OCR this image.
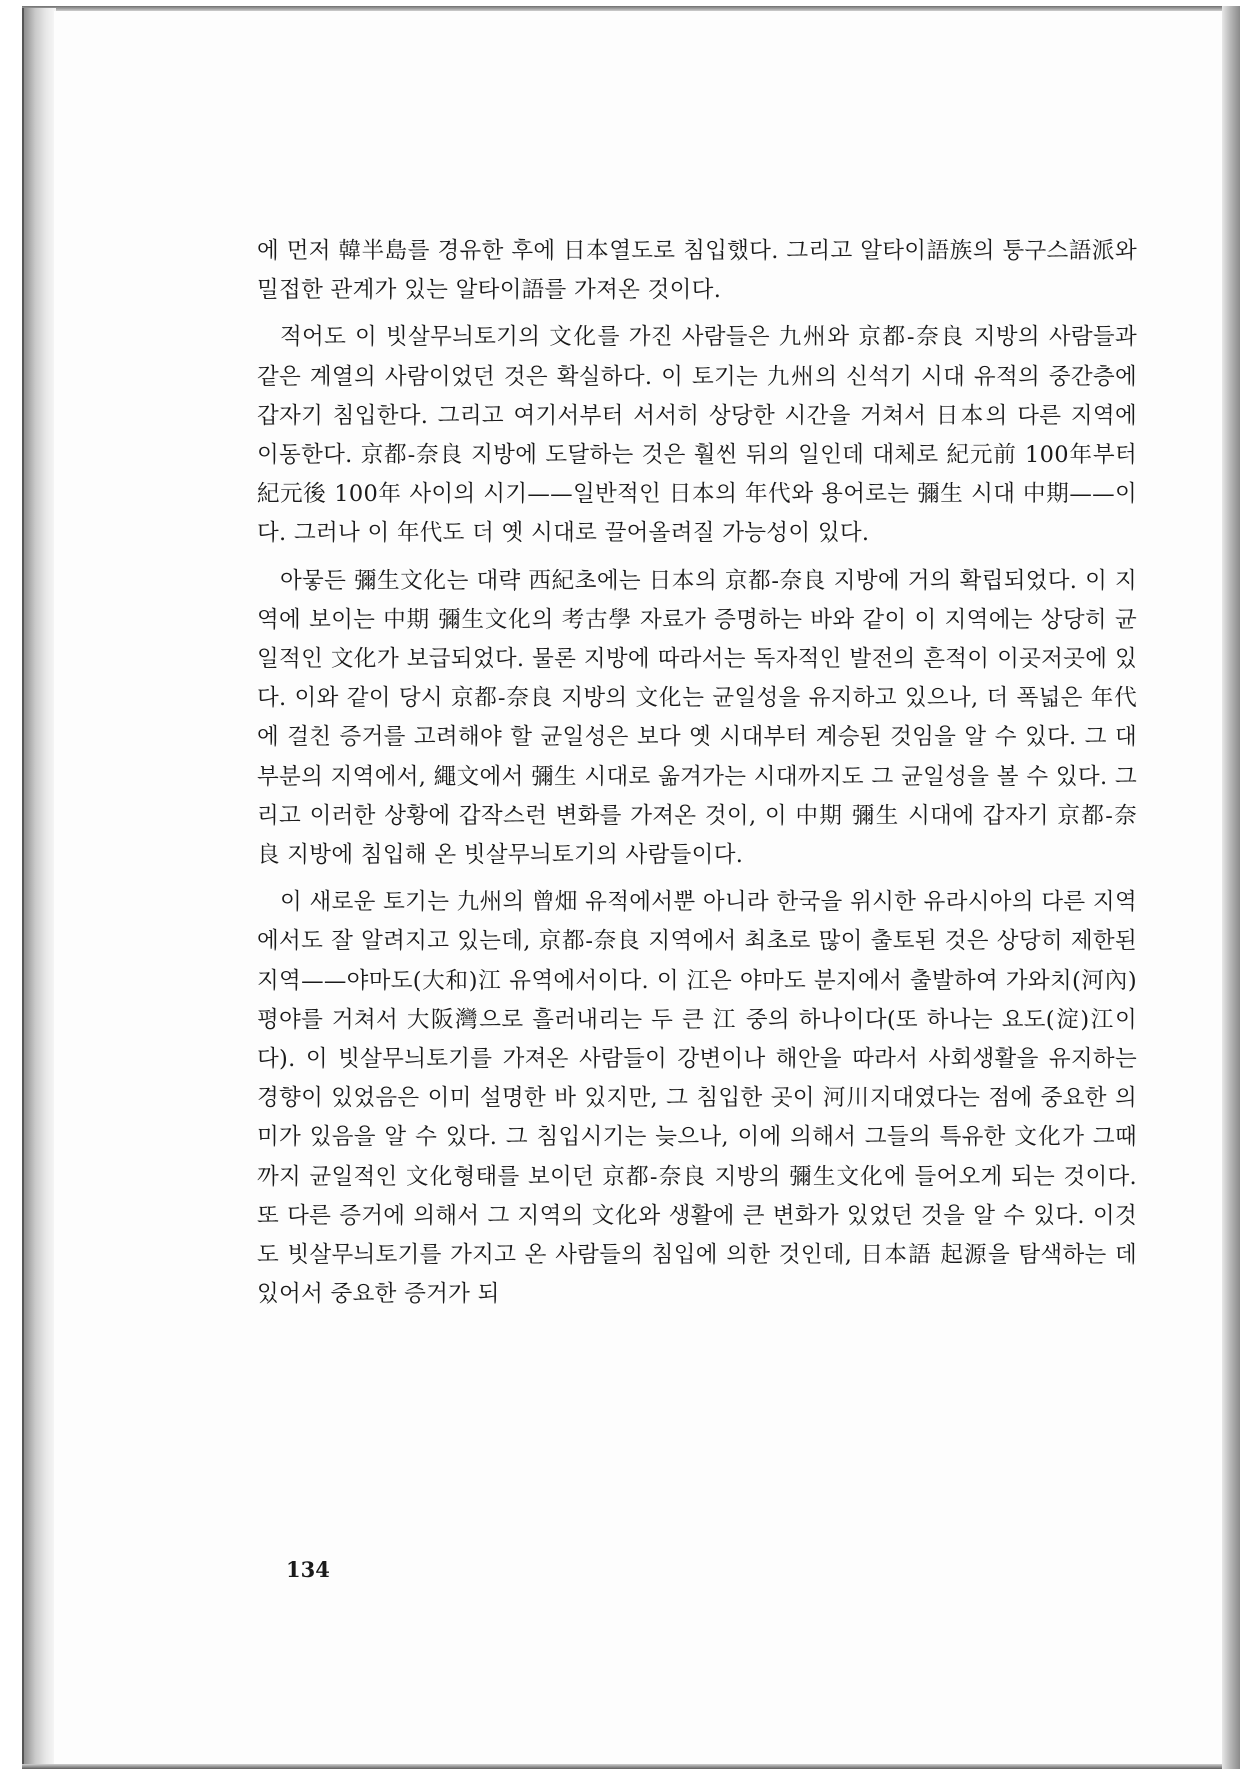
에 먼저 韓半島를 경유한 후에 日本열도로 침입했다. 그리고 알타이語族의 퉁구스語派와 밀접한 관계가 있는 알타이語를 가져온 것이다.

적어도 이 빗살무늬토기의 文化를 가진 사람들은 九州와 京都-奈良 지방의 사람들과 같은 계열의 사람이었던 것은 확실하다. 이 토기는 九州의 신석기 시대 유적의 중간층에 갑자기 침입한다. 그리고 여기서부터 서서히 상당한 시간을 거쳐서 日本의 다른 지역에 이동한다. 京都-奈良 지방에 도달하는 것은 훨씬 뒤의 일인데 대체로 紀元前 100年부터 紀元後 100年 사이의 시기——일반적인 日本의 年代와 용어로는 彌生 시대 中期——이다. 그러나 이 年代도 더 옛 시대로 끌어올려질 가능성이 있다.

아뭏든 彌生文化는 대략 西紀초에는 日本의 京都-奈良 지방에 거의 확립되었다. 이 지역에 보이는 中期 彌生文化의 考古學 자료가 증명하는 바와 같이 이 지역에는 상당히 균일적인 文化가 보급되었다. 물론 지방에 따라서는 독자적인 발전의 흔적이 이곳저곳에 있다. 이와 같이 당시 京都-奈良 지방의 文化는 균일성을 유지하고 있으나, 더 폭넓은 年代에 걸친 증거를 고려해야 할 균일성은 보다 옛 시대부터 계승된 것임을 알 수 있다. 그 대부분의 지역에서, 繩文에서 彌生 시대로 옮겨가는 시대까지도 그 균일성을 볼 수 있다. 그리고 이러한 상황에 갑작스런 변화를 가져온 것이, 이 中期 彌生 시대에 갑자기 京都-奈良 지방에 침입해 온 빗살무늬토기의 사람들이다.

이 새로운 토기는 九州의 曾畑 유적에서뿐 아니라 한국을 위시한 유라시아의 다른 지역에서도 잘 알려지고 있는데, 京都-奈良 지역에서 최초로 많이 출토된 것은 상당히 제한된 지역——야마도(大和)江 유역에서이다. 이 江은 야마도 분지에서 출발하여 가와치(河內) 평야를 거쳐서 大阪灣으로 흘러내리는 두 큰 江 중의 하나이다(또 하나는 요도(淀)江이다). 이 빗살무늬토기를 가져온 사람들이 강변이나 해안을 따라서 사회생활을 유지하는 경향이 있었음은 이미 설명한 바 있지만, 그 침입한 곳이 河川지대였다는 점에 중요한 의미가 있음을 알 수 있다. 그 침입시기는 늦으나, 이에 의해서 그들의 특유한 文化가 그때까지 균일적인 文化형태를 보이던 京都-奈良 지방의 彌生文化에 들어오게 되는 것이다. 또 다른 증거에 의해서 그 지역의 文化와 생활에 큰 변화가 있었던 것을 알 수 있다. 이것도 빗살무늬토기를 가지고 온 사람들의 침입에 의한 것인데, 日本語 起源을 탐색하는 데 있어서 중요한 증거가 되

134
